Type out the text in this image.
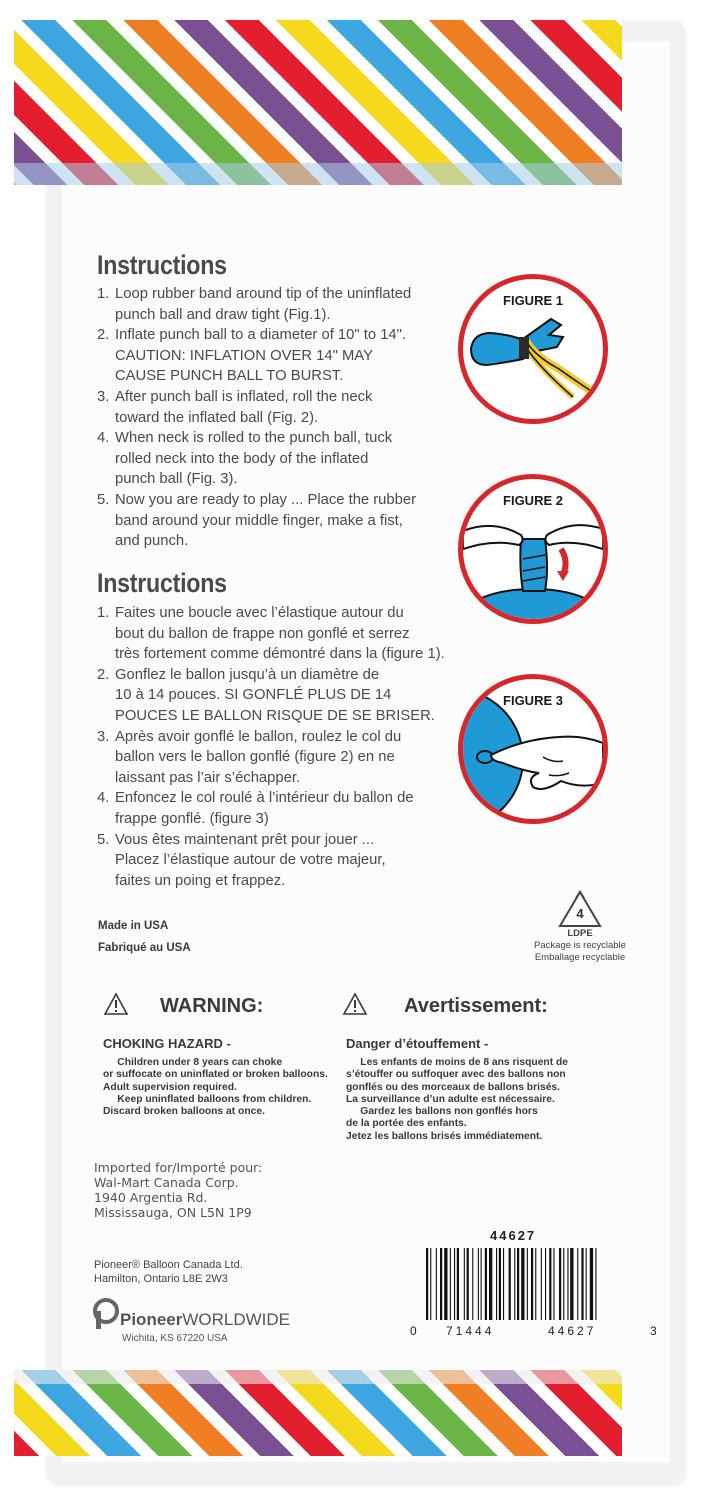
Instructions
1. Loop rubber band around tip of the uninflated
punch ball and draw tight (Fig.1).
2. Inflate punch ball to a diameter of 10" to 14".
CAUTION: INFLATION OVER 14" MAY
CAUSE PUNCH BALL TO BURST.
3. After punch ball is inflated, roll the neck
toward the inflated ball (Fig. 2).
4. When neck is rolled to the punch ball, tuck
rolled neck into the body of the inflated
punch ball (Fig. 3).
5. Now you are ready to play ... Place the rubber
band around your middle finger, make a fist,
and punch.
Instructions
1. Faites une boucle avec l’élastique autour du
bout du ballon de frappe non gonflé et serrez
très fortement comme démontré dans la (figure 1).
2. Gonflez le ballon jusqu’à un diamètre de
10 à 14 pouces. SI GONFLÉ PLUS DE 14
POUCES LE BALLON RISQUE DE SE BRISER.
3. Après avoir gonflé le ballon, roulez le col du
ballon vers le ballon gonflé (figure 2) en ne
laissant pas l’air s’échapper.
4. Enfoncez le col roulé à l’intérieur du ballon de
frappe gonflé. (figure 3)
5. Vous êtes maintenant prêt pour jouer ...
Placez l’élastique autour de votre majeur,
faites un poing et frappez.
FIGURE 1
FIGURE 2
FIGURE 3
4
LDPE
Package is recyclable
Emballage recyclable
Made in USA
Fabriqué au USA
WARNING:
CHOKING HAZARD -
Children under 8 years can choke
or suffocate on uninflated or broken balloons.
Adult supervision required.
Keep uninflated balloons from children.
Discard broken balloons at once.
Avertissement:
Danger d’étouffement -
Les enfants de moins de 8 ans risquent de
s’étouffer ou suffoquer avec des ballons non
gonflés ou des morceaux de ballons brisés.
La surveillance d’un adulte est nécessaire.
Gardez les ballons non gonflés hors
de la portée des enfants.
Jetez les ballons brisés immédiatement.
Imported for/Importé pour:
Wal-Mart Canada Corp.
1940 Argentia Rd.
Mississauga, ON L5N 1P9
44627
0 71444	44627	3
Pioneer® Balloon Canada Ltd.
Hamilton, Ontario L8E 2W3
PioneerWORLDWIDE
Wichita, KS 67220 USA
